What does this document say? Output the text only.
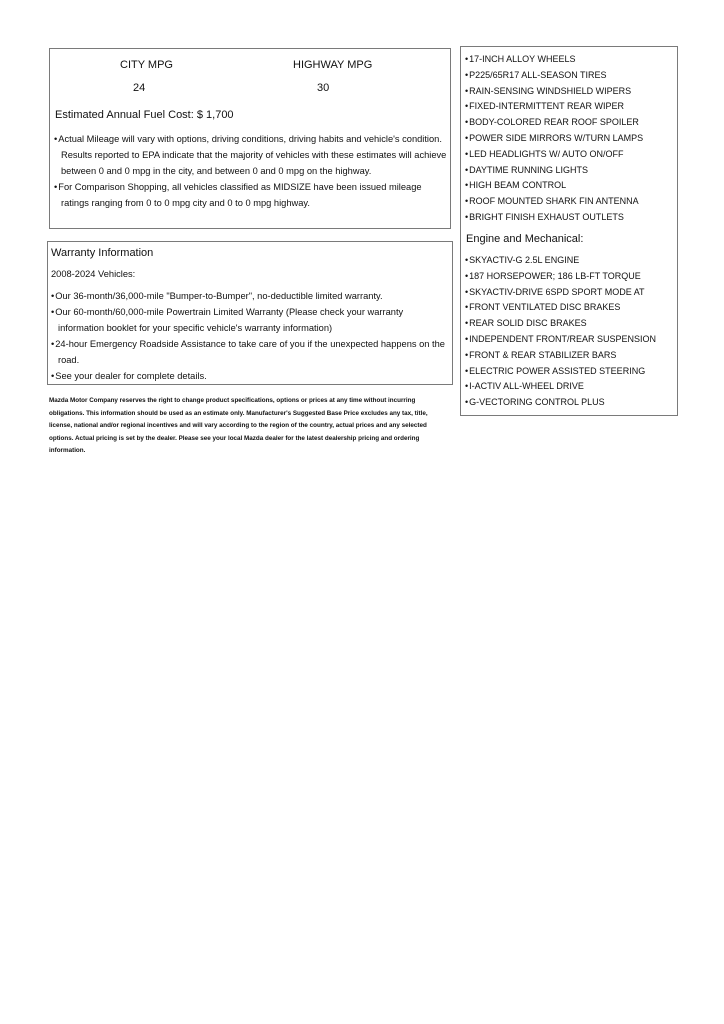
CITY MPG	HIGHWAY MPG
24	30
Estimated Annual Fuel Cost: $ 1,700
•Actual Mileage will vary with options, driving conditions, driving habits and vehicle's condition. Results reported to EPA indicate that the majority of vehicles with these estimates will achieve between 0 and 0 mpg in the city, and between 0 and 0 mpg on the highway.
•For Comparison Shopping, all vehicles classified as MIDSIZE have been issued mileage ratings ranging from 0 to 0 mpg city and 0 to 0 mpg highway.
Warranty Information
2008-2024 Vehicles:
•Our 36-month/36,000-mile "Bumper-to-Bumper", no-deductible limited warranty.
•Our 60-month/60,000-mile Powertrain Limited Warranty (Please check your warranty information booklet for your specific vehicle's warranty information)
•24-hour Emergency Roadside Assistance to take care of you if the unexpected happens on the road.
•See your dealer for complete details.
Mazda Motor Company reserves the right to change product specifications, options or prices at any time without incurring obligations. This information should be used as an estimate only. Manufacturer's Suggested Base Price excludes any tax, title, license, national and/or regional incentives and will vary according to the region of the country, actual prices and any selected options. Actual pricing is set by the dealer. Please see your local Mazda dealer for the latest dealership pricing and ordering information.
•17-INCH ALLOY WHEELS
•P225/65R17 ALL-SEASON TIRES
•RAIN-SENSING WINDSHIELD WIPERS
•FIXED-INTERMITTENT REAR WIPER
•BODY-COLORED REAR ROOF SPOILER
•POWER SIDE MIRRORS W/TURN LAMPS
•LED HEADLIGHTS W/ AUTO ON/OFF
•DAYTIME RUNNING LIGHTS
•HIGH BEAM CONTROL
•ROOF MOUNTED SHARK FIN ANTENNA
•BRIGHT FINISH EXHAUST OUTLETS
Engine and Mechanical:
•SKYACTIV-G 2.5L ENGINE
•187 HORSEPOWER; 186 LB-FT TORQUE
•SKYACTIV-DRIVE 6SPD SPORT MODE AT
•FRONT VENTILATED DISC BRAKES
•REAR SOLID DISC BRAKES
•INDEPENDENT FRONT/REAR SUSPENSION
•FRONT & REAR STABILIZER BARS
•ELECTRIC POWER ASSISTED STEERING
•I-ACTIV ALL-WHEEL DRIVE
•G-VECTORING CONTROL PLUS
